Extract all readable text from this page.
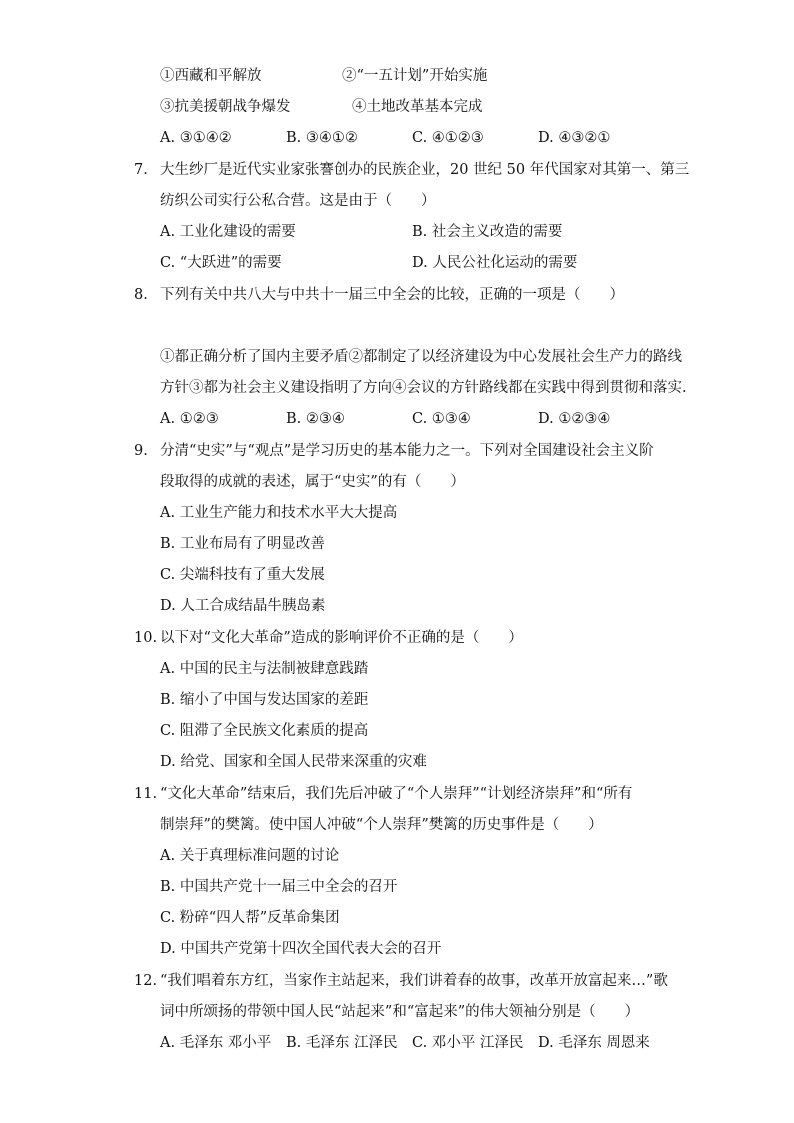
①西藏和平解放	②“一五计划”开始实施
③抗美援朝战争爆发	④土地改革基本完成
A. ③①④②	B. ③④①②	C. ④①②③	D. ④③②①
7. 大生纱厂是近代实业家张謇创办的民族企业，20 世纪 50 年代国家对其第一、第三
纺织公司实行公私合营。这是由于（　　）
A. 工业化建设的需要	B. 社会主义改造的需要
C. “大跃进”的需要	D. 人民公社化运动的需要
8. 下列有关中共八大与中共十一届三中全会的比较，正确的一项是（　　）
①都正确分析了国内主要矛盾②都制定了以经济建设为中心发展社会生产力的路线
方针③都为社会主义建设指明了方向④会议的方针路线都在实践中得到贯彻和落实.
A. ①②③	B. ②③④	C. ①③④	D. ①②③④
9. 分清“史实”与“观点”是学习历史的基本能力之一。下列对全国建设社会主义阶
段取得的成就的表述，属于“史实”的有（　　）
A. 工业生产能力和技术水平大大提高
B. 工业布局有了明显改善
C. 尖端科技有了重大发展
D. 人工合成结晶牛胰岛素
10. 以下对“文化大革命”造成的影响评价不正确的是（　　）
A. 中国的民主与法制被肆意践踏
B. 缩小了中国与发达国家的差距
C. 阻滞了全民族文化素质的提高
D. 给党、国家和全国人民带来深重的灾难
11. “文化大革命”结束后，我们先后冲破了“个人崇拜”“计划经济崇拜”和“所有
制崇拜”的樊篱。使中国人冲破“个人崇拜”樊篱的历史事件是（　　）
A. 关于真理标准问题的讨论
B. 中国共产党十一届三中全会的召开
C. 粉碎“四人帮”反革命集团
D. 中国共产党第十四次全国代表大会的召开
12. “我们唱着东方红，当家作主站起来，我们讲着春的故事，改革开放富起来…”歌
词中所颂扬的带领中国人民“站起来”和“富起来”的伟大领袖分别是（　　）
A. 毛泽东 邓小平 B. 毛泽东 江泽民 C. 邓小平 江泽民 D. 毛泽东 周恩来
